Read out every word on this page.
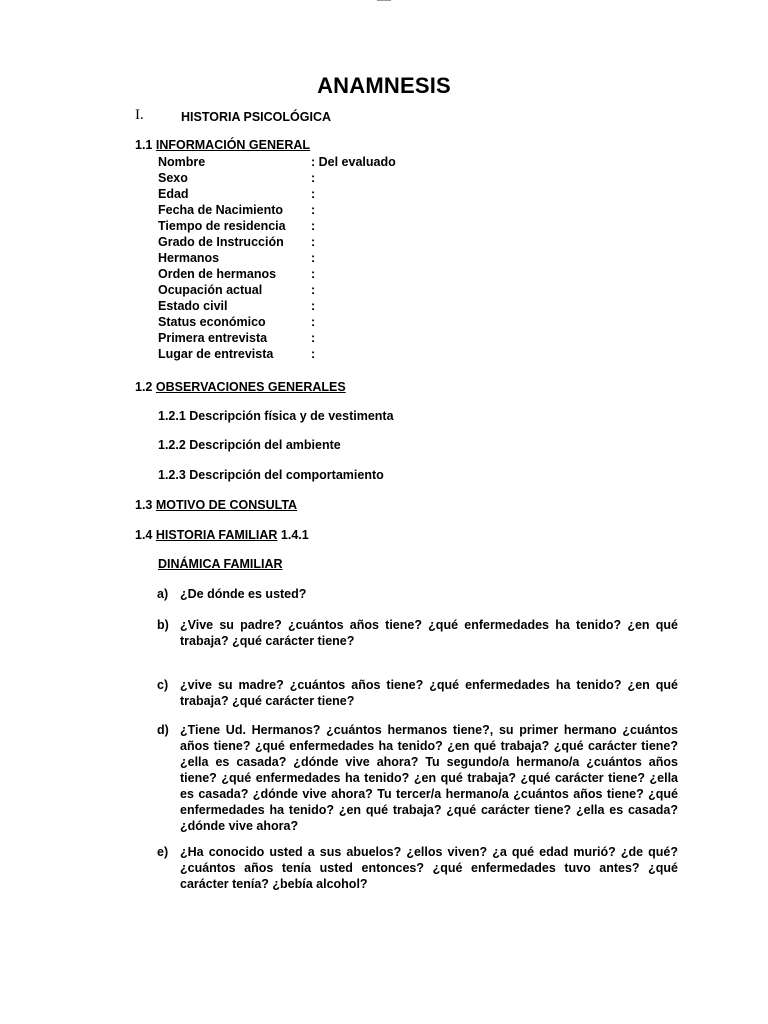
ANAMNESIS
I.	HISTORIA PSICOLÓGICA
1.1 INFORMACIÓN GENERAL
Nombre	: Del evaluado
Sexo	:
Edad	:
Fecha de Nacimiento :
Tiempo de residencia :
Grado de Instrucción :
Hermanos	:
Orden de hermanos	:
Ocupación actual	:
Estado civil	:
Status económico	:
Primera entrevista	:
Lugar de entrevista	:
1.2 OBSERVACIONES GENERALES
1.2.1 Descripción física y de vestimenta
1.2.2 Descripción del ambiente
1.2.3 Descripción del comportamiento
1.3 MOTIVO DE CONSULTA
1.4 HISTORIA FAMILIAR 1.4.1
DINÁMICA FAMILIAR
a) ¿De dónde es usted?
b) ¿Vive su padre? ¿cuántos años tiene? ¿qué enfermedades ha tenido? ¿en qué
trabaja? ¿qué carácter tiene?
c) ¿vive su madre? ¿cuántos años tiene? ¿qué enfermedades ha tenido? ¿en qué
trabaja? ¿qué carácter tiene?
d) ¿Tiene Ud. Hermanos? ¿cuántos hermanos tiene?, su primer hermano ¿cuántos
años tiene? ¿qué enfermedades ha tenido? ¿en qué trabaja? ¿qué carácter tiene?
¿ella es casada? ¿dónde vive ahora? Tu segundo/a hermano/a ¿cuántos años
tiene? ¿qué enfermedades ha tenido? ¿en qué trabaja? ¿qué carácter tiene? ¿ella
es casada? ¿dónde vive ahora? Tu tercer/a hermano/a ¿cuántos años tiene? ¿qué
enfermedades ha tenido? ¿en qué trabaja? ¿qué carácter tiene? ¿ella es casada?
¿dónde vive ahora?
e) ¿Ha conocido usted a sus abuelos? ¿ellos viven? ¿a qué edad murió? ¿de qué?
¿cuántos años tenía usted entonces? ¿qué enfermedades tuvo antes? ¿qué
carácter tenía? ¿bebía alcohol?
